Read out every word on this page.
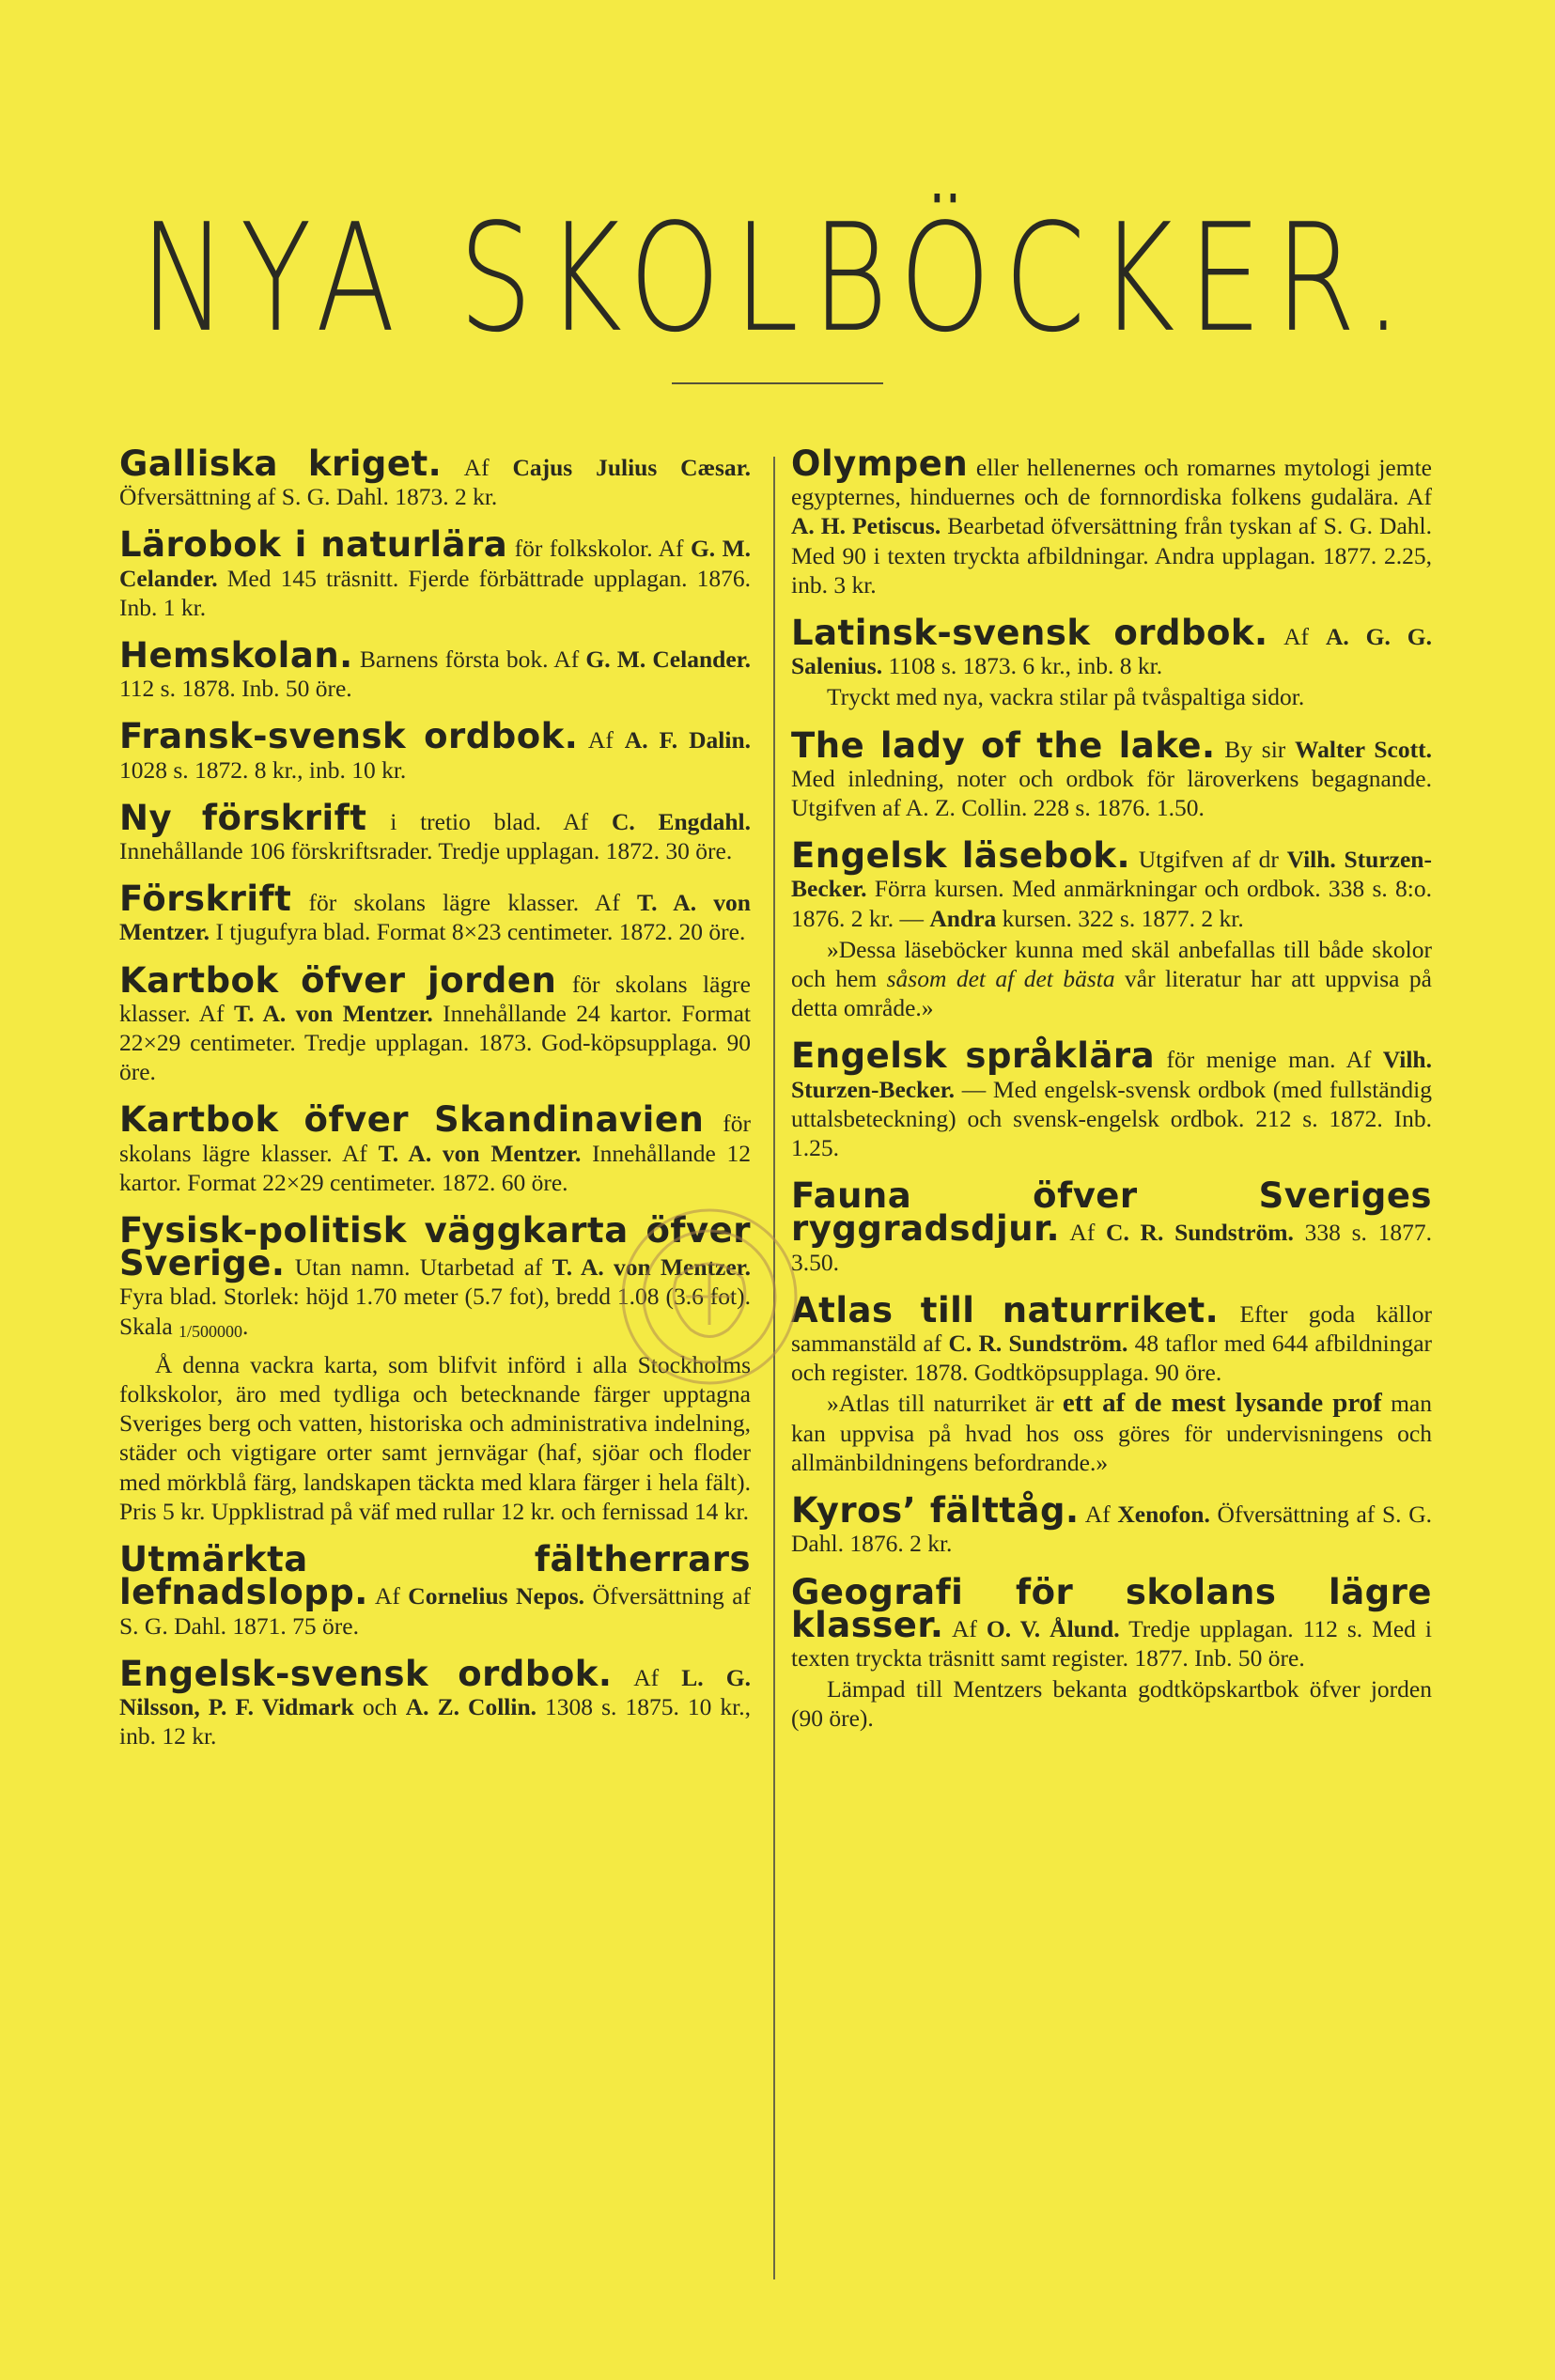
NYA SKOLBÖCKER.
Galliska kriget. Af Cajus Julius Cæsar. Öfversättning af S. G. Dahl. 1873. 2 kr.
Lärobok i naturlära för folkskolor. Af G. M. Celander. Med 145 träsnitt. Fjerde förbättrade upplagan. 1876. Inb. 1 kr.
Hemskolan. Barnens första bok. Af G. M. Celander. 112 s. 1878. Inb. 50 öre.
Fransk-svensk ordbok. Af A. F. Dalin. 1028 s. 1872. 8 kr., inb. 10 kr.
Ny förskrift i tretio blad. Af C. Engdahl. Innehållande 106 förskriftsrader. Tredje upplagan. 1872. 30 öre.
Förskrift för skolans lägre klasser. Af T. A. von Mentzer. I tjugufyra blad. Format 8×23 centimeter. 1872. 20 öre.
Kartbok öfver jorden för skolans lägre klasser. Af T. A. von Mentzer. Innehållande 24 kartor. Format 22×29 centimeter. Tredje upplagan. 1873. God-köpsupplaga. 90 öre.
Kartbok öfver Skandinavien för skolans lägre klasser. Af T. A. von Mentzer. Innehållande 12 kartor. Format 22×29 centimeter. 1872. 60 öre.
Fysisk-politisk väggkarta öfver Sverige. Utan namn. Utarbetad af T. A. von Mentzer. Fyra blad. Storlek: höjd 1.70 meter (5.7 fot), bredd 1.08 (3.6 fot). Skala 1/500000.
Å denna vackra karta, som blifvit införd i alla Stockholms folkskolor, äro med tydliga och betecknande färger upptagna Sveriges berg och vatten, historiska och administrativa indelning, städer och vigtigare orter samt jernvägar (haf, sjöar och floder med mörkblå färg, landskapen täckta med klara färger i hela fält). Pris 5 kr. Uppklistrad på väf med rullar 12 kr. och fernissad 14 kr.
Utmärkta fältherrars lefnadslopp. Af Cornelius Nepos. Öfversättning af S. G. Dahl. 1871. 75 öre.
Engelsk-svensk ordbok. Af L. G. Nilsson, P. F. Vidmark och A. Z. Collin. 1308 s. 1875. 10 kr., inb. 12 kr.
Olympen eller hellenernes och romarnes mytologi jemte egypternes, hinduernes och de fornnordiska folkens gudalära. Af A. H. Petiscus. Bearbetad öfversättning från tyskan af S. G. Dahl. Med 90 i texten tryckta afbildningar. Andra upplagan. 1877. 2.25, inb. 3 kr.
Latinsk-svensk ordbok. Af A. G. G. Salenius. 1108 s. 1873. 6 kr., inb. 8 kr.
Tryckt med nya, vackra stilar på tvåspaltiga sidor.
The lady of the lake. By sir Walter Scott. Med inledning, noter och ordbok för läroverkens begagnande. Utgifven af A. Z. Collin. 228 s. 1876. 1.50.
Engelsk läsebok. Utgifven af dr Vilh. Sturzen-Becker. Förra kursen. Med anmärkningar och ordbok. 338 s. 8:o. 1876. 2 kr. — Andra kursen. 322 s. 1877. 2 kr.
»Dessa läseböcker kunna med skäl anbefallas till både skolor och hem såsom det af det bästa vår literatur har att uppvisa på detta område.»
Engelsk språklära för menige man. Af Vilh. Sturzen-Becker. — Med engelsk-svensk ordbok (med fullständig uttalsbeteckning) och svensk-engelsk ordbok. 212 s. 1872. Inb. 1.25.
Fauna öfver Sveriges ryggradsdjur. Af C. R. Sundström. 338 s. 1877. 3.50.
Atlas till naturriket. Efter goda källor sammanstäld af C. R. Sundström. 48 taflor med 644 afbildningar och register. 1878. Godtköpsupplaga. 90 öre.
»Atlas till naturriket är ett af de mest lysande prof man kan uppvisa på hvad hos oss göres för undervisningens och allmänbildningens befordrande.»
Kyros’ fälttåg. Af Xenofon. Öfversättning af S. G. Dahl. 1876. 2 kr.
Geografi för skolans lägre klasser. Af O. V. Ålund. Tredje upplagan. 112 s. Med i texten tryckta träsnitt samt register. 1877. Inb. 50 öre.
Lämpad till Mentzers bekanta godtköpskartbok öfver jorden (90 öre).
